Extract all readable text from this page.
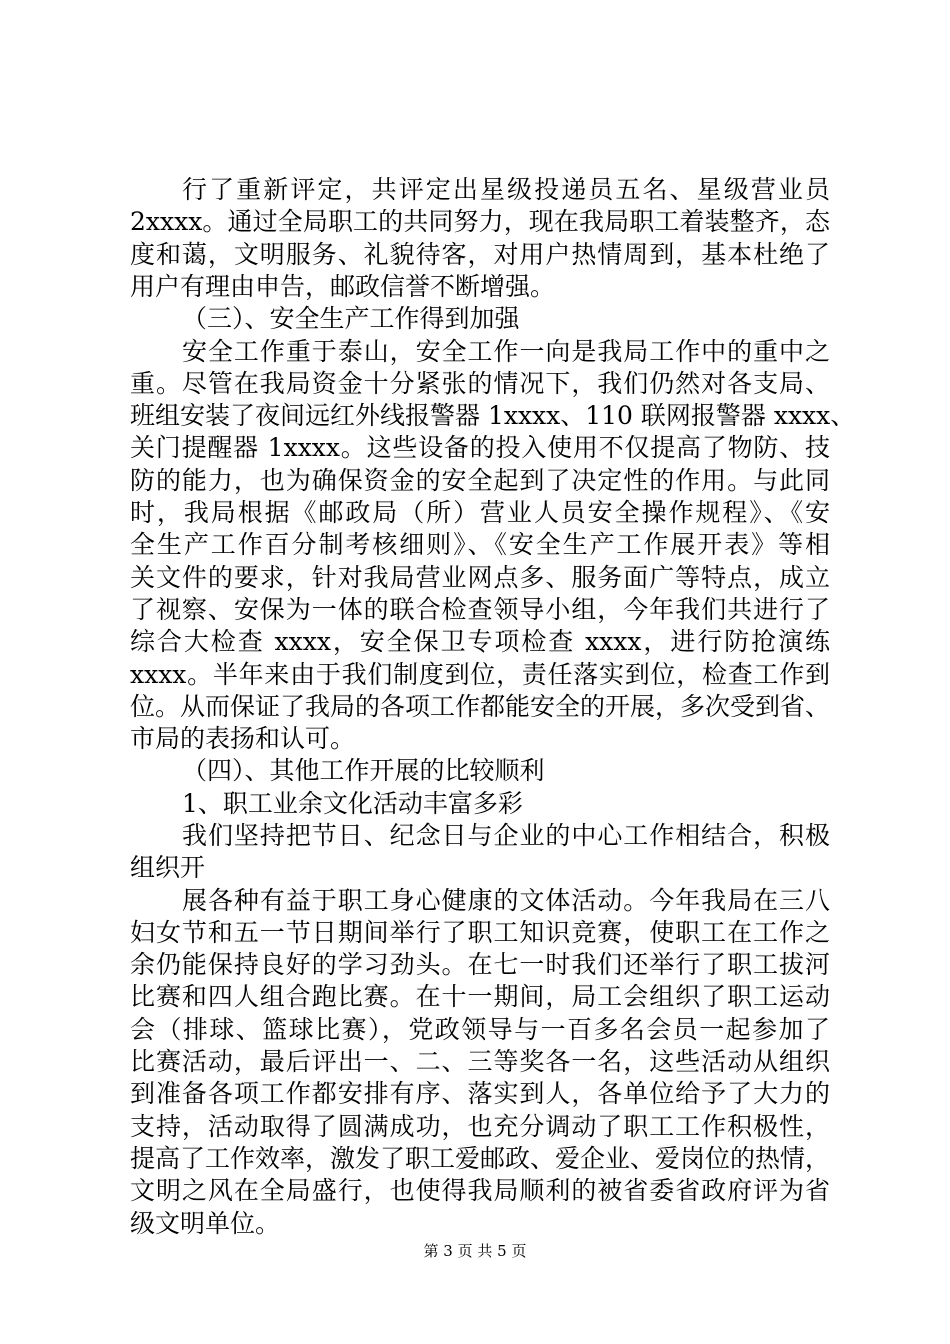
行了重新评定，共评定出星级投递员五名、星级营业员
2xxxx。通过全局职工的共同努力，现在我局职工着装整齐，态
度和蔼，文明服务、礼貌待客，对用户热情周到，基本杜绝了
用户有理由申告，邮政信誉不断增强。
（三）、安全生产工作得到加强
安全工作重于泰山，安全工作一向是我局工作中的重中之
重。尽管在我局资金十分紧张的情况下，我们仍然对各支局、
班组安装了夜间远红外线报警器 1xxxx、110 联网报警器 xxxx、
关门提醒器 1xxxx。这些设备的投入使用不仅提高了物防、技
防的能力，也为确保资金的安全起到了决定性的作用。与此同
时，我局根据《邮政局（所）营业人员安全操作规程》、《安
全生产工作百分制考核细则》、《安全生产工作展开表》等相
关文件的要求，针对我局营业网点多、服务面广等特点，成立
了视察、安保为一体的联合检查领导小组，今年我们共进行了
综合大检查 xxxx，安全保卫专项检查 xxxx，进行防抢演练
xxxx。半年来由于我们制度到位，责任落实到位，检查工作到
位。从而保证了我局的各项工作都能安全的开展，多次受到省、
市局的表扬和认可。
（四）、其他工作开展的比较顺利
1、职工业余文化活动丰富多彩
我们坚持把节日、纪念日与企业的中心工作相结合，积极
组织开
展各种有益于职工身心健康的文体活动。今年我局在三八
妇女节和五一节日期间举行了职工知识竞赛，使职工在工作之
余仍能保持良好的学习劲头。在七一时我们还举行了职工拔河
比赛和四人组合跑比赛。在十一期间，局工会组织了职工运动
会（排球、篮球比赛），党政领导与一百多名会员一起参加了
比赛活动，最后评出一、二、三等奖各一名，这些活动从组织
到准备各项工作都安排有序、落实到人，各单位给予了大力的
支持，活动取得了圆满成功，也充分调动了职工工作积极性，
提高了工作效率，激发了职工爱邮政、爱企业、爱岗位的热情，
文明之风在全局盛行，也使得我局顺利的被省委省政府评为省
级文明单位。
第 3 页 共 5 页
